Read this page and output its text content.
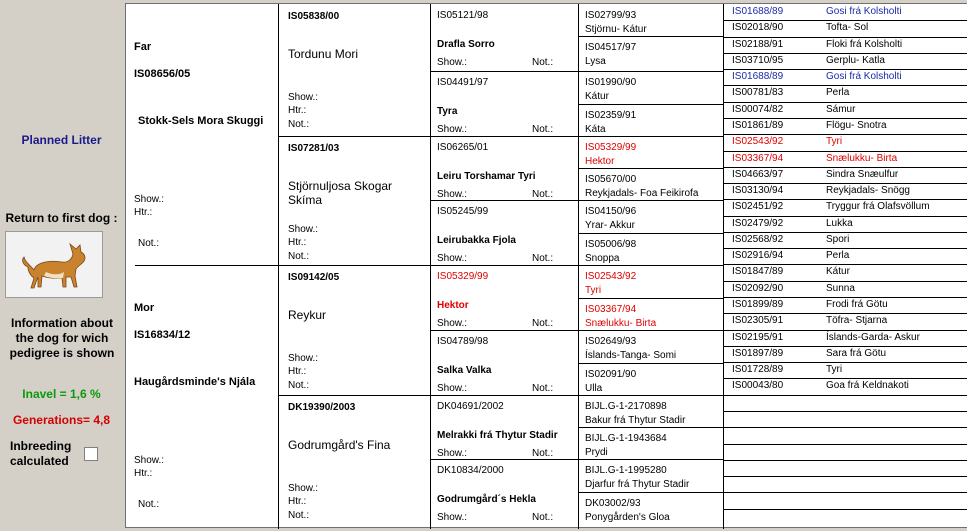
Planned Litter
Return to first dog :
Information about the dog for wich pedigree is shown
Inavel = 1,6 %
Generations= 4,8
Inbreeding calculated
Far
IS08656/05
Stokk-Sels Mora Skuggi
Show.:
Htr.:
Not.:
Mor
IS16834/12
Haugårdsminde's Njála
Show.:
Htr.:
Not.:
IS05838/00
Tordunu Mori
Show.:
Htr.:
Not.:
IS07281/03
Stjörnuljosa Skogar Skíma
Show.:
Htr.:
Not.:
IS09142/05
Reykur
Show.:
Htr.:
Not.:
DK19390/2003
Godrumgård's Fina
Show.:
Htr.:
Not.:
IS05121/98
Drafla Sorro
Show.:	Not.:
IS04491/97
Tyra
Show.:	Not.:
IS06265/01
Leiru Torshamar Tyri
Show.:	Not.:
IS05245/99
Leirubakka Fjola
Show.:	Not.:
IS05329/99
Hektor
Show.:	Not.:
IS04789/98
Salka Valka
Show.:	Not.:
DK04691/2002
Melrakki frá Thytur Stadir
Show.:	Not.:
DK10834/2000
Godrumgård´s Hekla
Show.:	Not.:
IS02799/93
Stjörnu- Kátur
IS04517/97
Lysa
IS01990/90
Kátur
IS02359/91
Káta
IS05329/99
Hektor
IS05670/00
Reykjadals- Foa Feikirofa
IS04150/96
Yrar- Akkur
IS05006/98
Snoppa
IS02543/92
Tyri
IS03367/94
Snælukku- Birta
IS02649/93
Íslands-Tanga- Somi
IS02091/90
Ulla
BIJL.G-1-2170898
Bakur frá Thytur Stadir
BIJL.G-1-1943684
Prydi
BIJL.G-1-1995280
Djarfur frá Thytur Stadir
DK03002/93
Ponygården's Gloa
IS01688/89	Gosi frá Kolsholti
IS02018/90	Tofta- Sol
IS02188/91	Floki frá Kolsholti
IS03710/95	Gerplu- Katla
IS01688/89	Gosi frá Kolsholti
IS00781/83	Perla
IS00074/82	Sámur
IS01861/89	Flögu- Snotra
IS02543/92	Tyri
IS03367/94	Snælukku- Birta
IS04663/97	Sindra Snæulfur
IS03130/94	Reykjadals- Snögg
IS02451/92	Tryggur frá Olafsvöllum
IS02479/92	Lukka
IS02568/92	Spori
IS02916/94	Perla
IS01847/89	Kátur
IS02092/90	Sunna
IS01899/89	Frodi frá Götu
IS02305/91	Töfra- Stjarna
IS02195/91	Íslands-Garda- Askur
IS01897/89	Sara frá Götu
IS01728/89	Tyri
IS00043/80	Goa frá Keldnakoti
